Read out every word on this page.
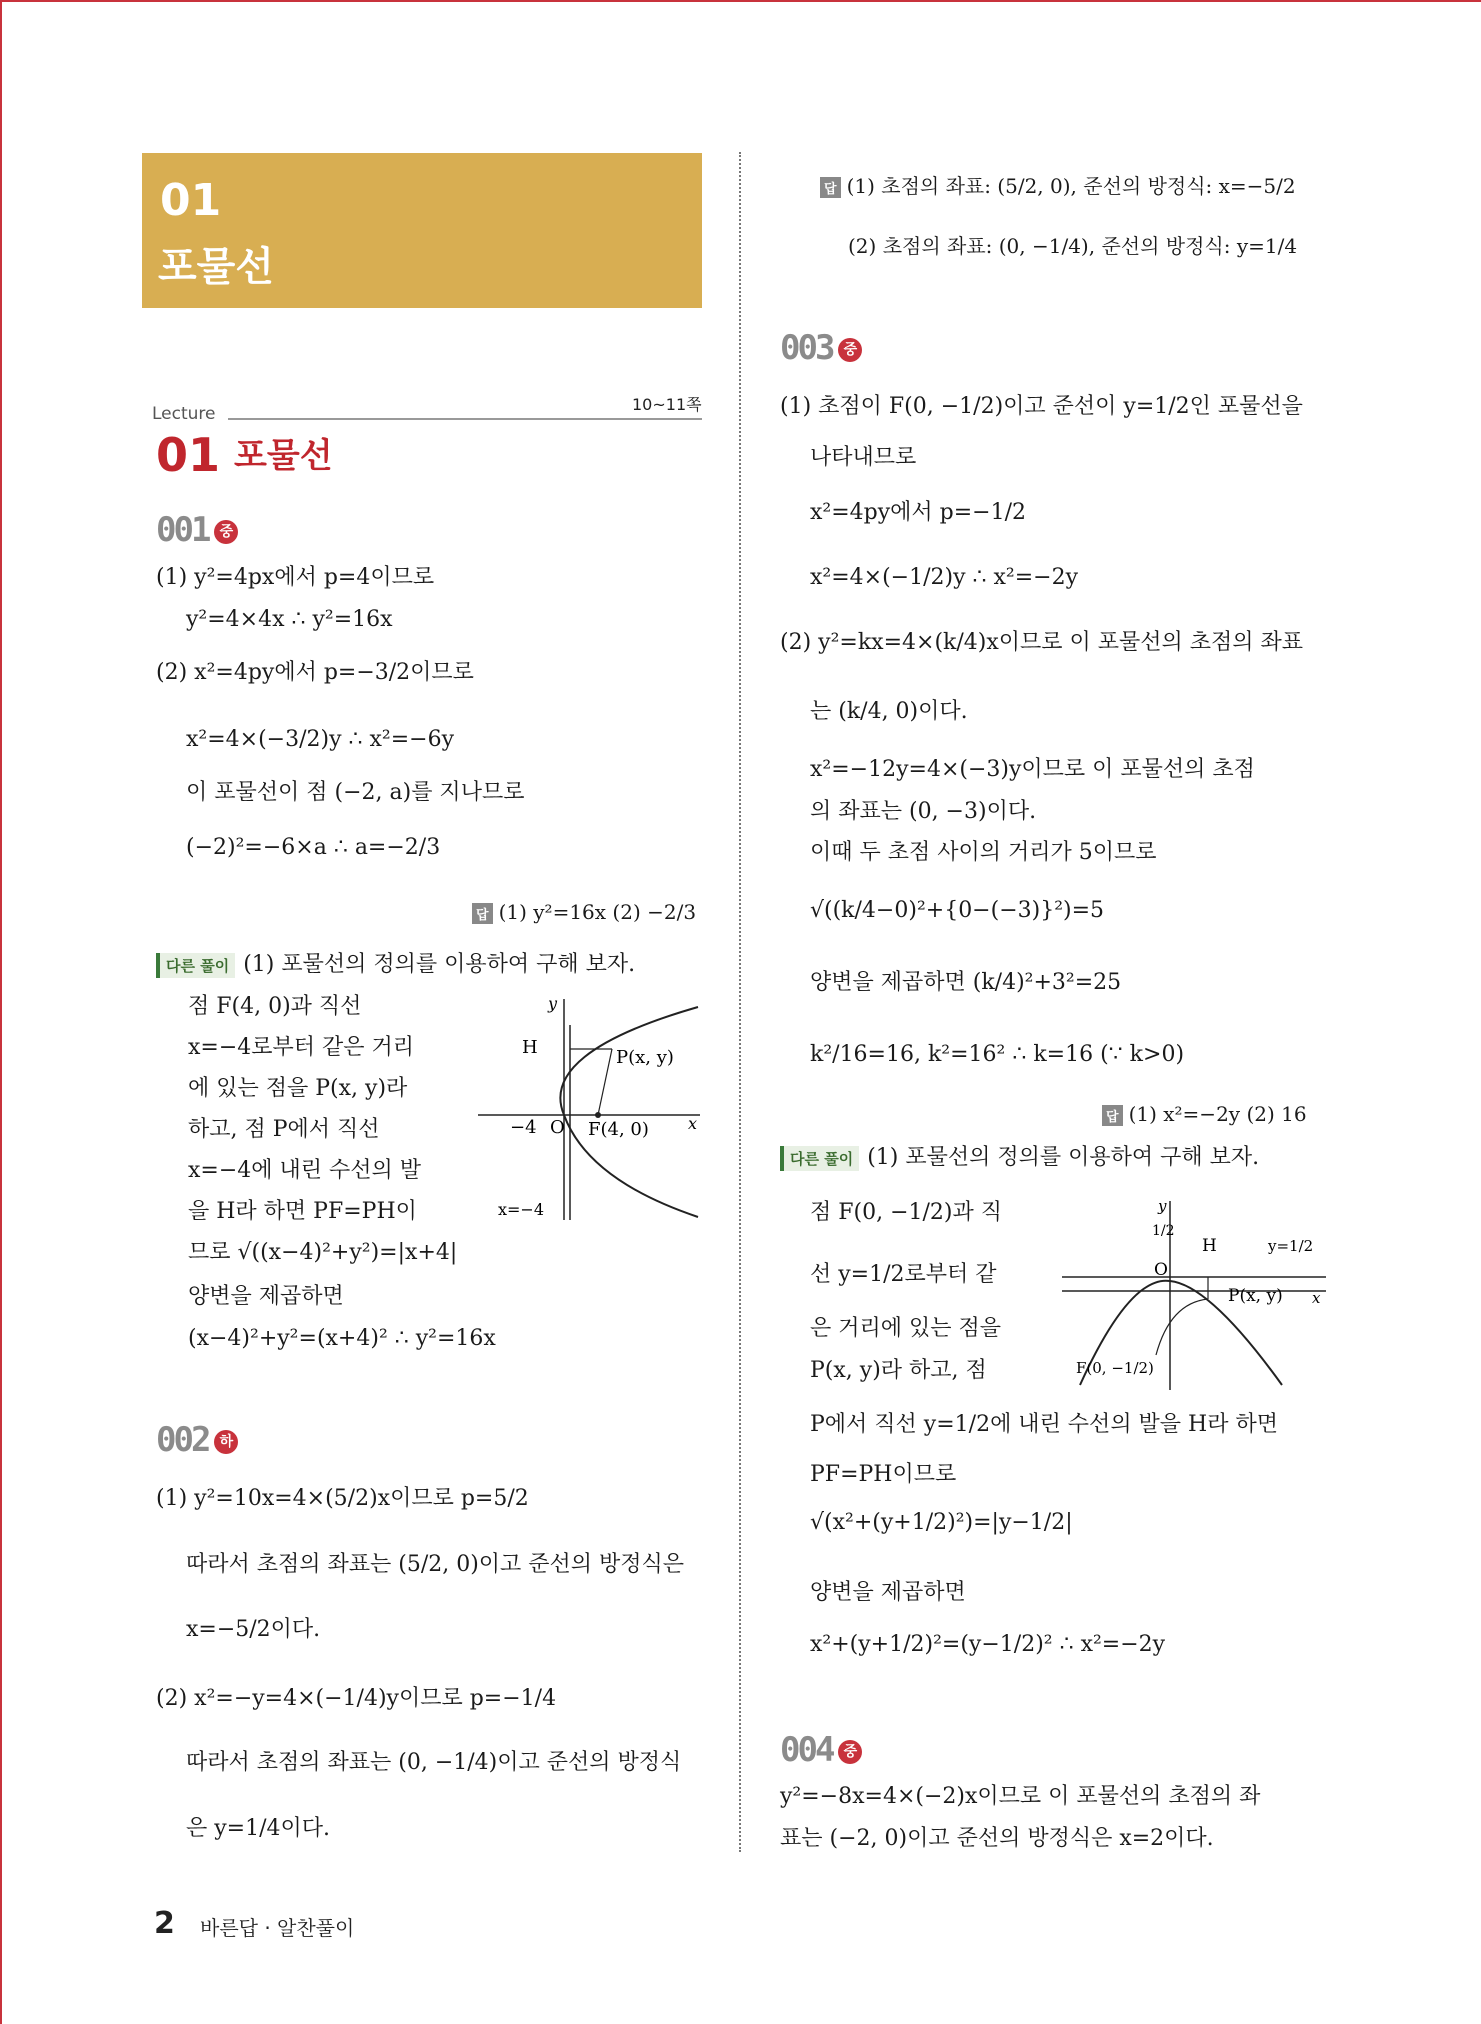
01
포물선
Lecture	10~11쪽
01 포물선
001 중
(1) y²=4px에서 p=4이므로
y²=4×4x ∴ y²=16x
(2) x²=4py에서 p=−3/2이므로
x²=4×(−3/2)y ∴ x²=−6y
이 포물선이 점 (−2, a)를 지나므로
(−2)²=−6×a ∴ a=−2/3
답 (1) y²=16x (2) −2/3
다른 풀이 (1) 포물선의 정의를 이용하여 구해 보자.
점 F(4, 0)과 직선
x=−4로부터 같은 거리
에 있는 점을 P(x, y)라
하고, 점 P에서 직선
x=−4에 내린 수선의 발
을 H라 하면 PF=PH이
므로 √((x−4)²+y²)=|x+4|
양변을 제곱하면
(x−4)²+y²=(x+4)² ∴ y²=16x
H	P(x, y)
y
x
O
−4	F(4, 0)
x=−4
002 하
(1) y²=10x=4×(5/2)x이므로 p=5/2
따라서 초점의 좌표는 (5/2, 0)이고 준선의 방정식은
x=−5/2이다.
(2) x²=−y=4×(−1/4)y이므로 p=−1/4
따라서 초점의 좌표는 (0, −1/4)이고 준선의 방정식
은 y=1/4이다.
답 (1) 초점의 좌표: (5/2, 0), 준선의 방정식: x=−5/2
(2) 초점의 좌표: (0, −1/4), 준선의 방정식: y=1/4
003 중
(1) 초점이 F(0, −1/2)이고 준선이 y=1/2인 포물선을
나타내므로
x²=4py에서 p=−1/2
x²=4×(−1/2)y ∴ x²=−2y
(2) y²=kx=4×(k/4)x이므로 이 포물선의 초점의 좌표
는 (k/4, 0)이다.
x²=−12y=4×(−3)y이므로 이 포물선의 초점
의 좌표는 (0, −3)이다.
이때 두 초점 사이의 거리가 5이므로
√((k/4−0)²+{0−(−3)}²)=5
양변을 제곱하면 (k/4)²+3²=25
k²/16=16, k²=16² ∴ k=16 (∵ k>0)
답 (1) x²=−2y (2) 16
다른 풀이 (1) 포물선의 정의를 이용하여 구해 보자.
점 F(0, −1/2)과 직
선 y=1/2로부터 같
은 거리에 있는 점을
P(x, y)라 하고, 점
P에서 직선 y=1/2에 내린 수선의 발을 H라 하면
PF=PH이므로
√(x²+(y+1/2)²)=|y−1/2|
양변을 제곱하면
x²+(y+1/2)²=(y−1/2)² ∴ x²=−2y
y
x
1/2
H	y=1/2
O
P(x, y)
F(0, −1/2)
004 중
y²=−8x=4×(−2)x이므로 이 포물선의 초점의 좌
표는 (−2, 0)이고 준선의 방정식은 x=2이다.
2 바른답 · 알찬풀이
